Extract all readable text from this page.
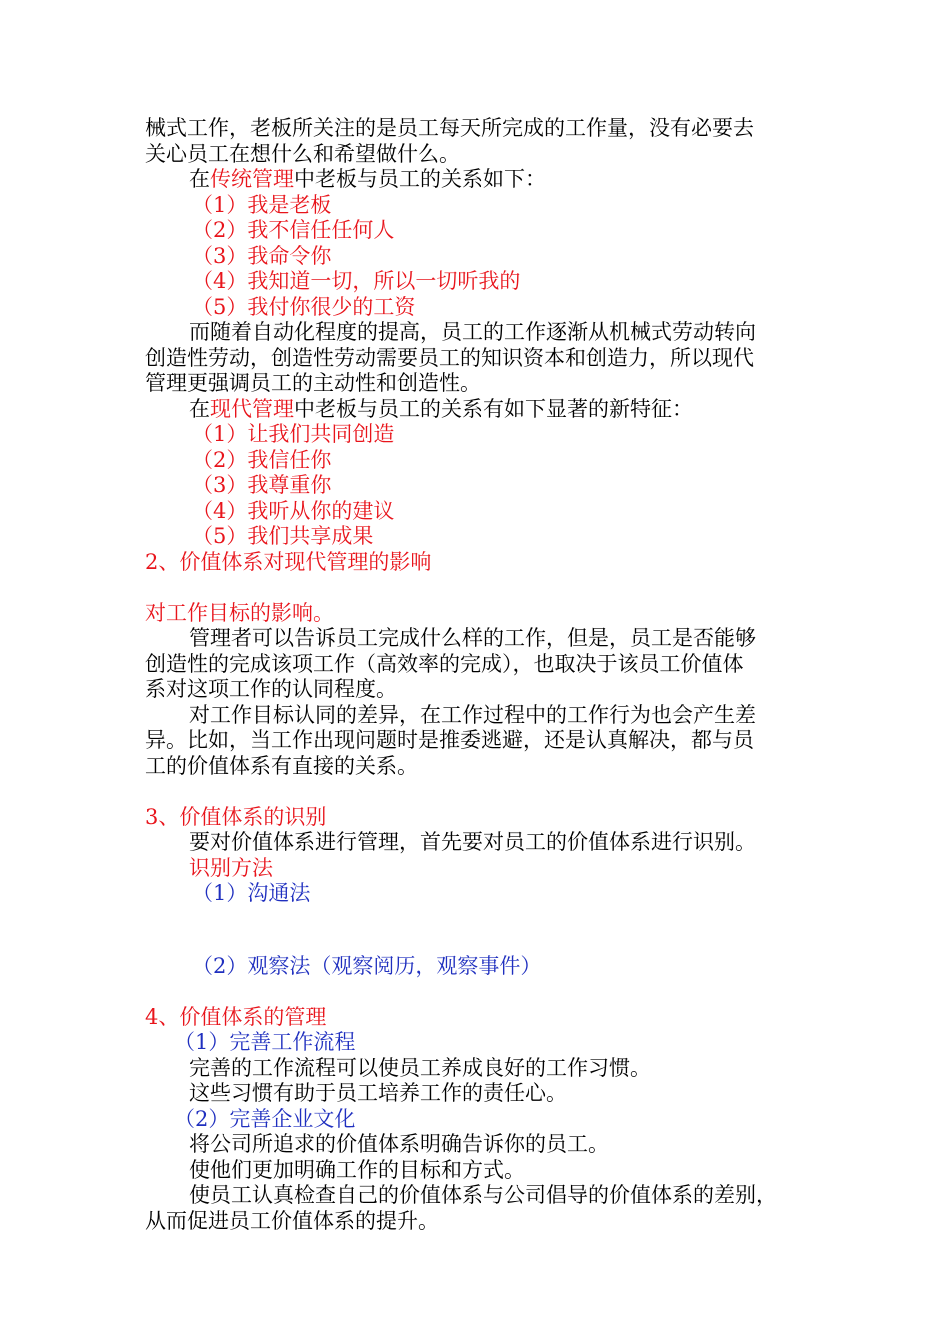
械式工作，老板所关注的是员工每天所完成的工作量，没有必要去
关心员工在想什么和希望做什么。
在传统管理中老板与员工的关系如下：
（1）我是老板
（2）我不信任任何人
（3）我命令你
（4）我知道一切，所以一切听我的
（5）我付你很少的工资
而随着自动化程度的提高，员工的工作逐渐从机械式劳动转向
创造性劳动，创造性劳动需要员工的知识资本和创造力，所以现代
管理更强调员工的主动性和创造性。
在现代管理中老板与员工的关系有如下显著的新特征：
（1）让我们共同创造
（2）我信任你
（3）我尊重你
（4）我听从你的建议
（5）我们共享成果
2、价值体系对现代管理的影响
对工作目标的影响。
管理者可以告诉员工完成什么样的工作，但是，员工是否能够
创造性的完成该项工作（高效率的完成），也取决于该员工价值体
系对这项工作的认同程度。
对工作目标认同的差异，在工作过程中的工作行为也会产生差
异。比如，当工作出现问题时是推委逃避，还是认真解决，都与员
工的价值体系有直接的关系。
3、价值体系的识别
要对价值体系进行管理，首先要对员工的价值体系进行识别。
识别方法
（1）沟通法
（2）观察法（观察阅历，观察事件）
4、价值体系的管理
（1）完善工作流程
完善的工作流程可以使员工养成良好的工作习惯。
这些习惯有助于员工培养工作的责任心。
（2）完善企业文化
将公司所追求的价值体系明确告诉你的员工。
使他们更加明确工作的目标和方式。
使员工认真检查自己的价值体系与公司倡导的价值体系的差别，
从而促进员工价值体系的提升。
